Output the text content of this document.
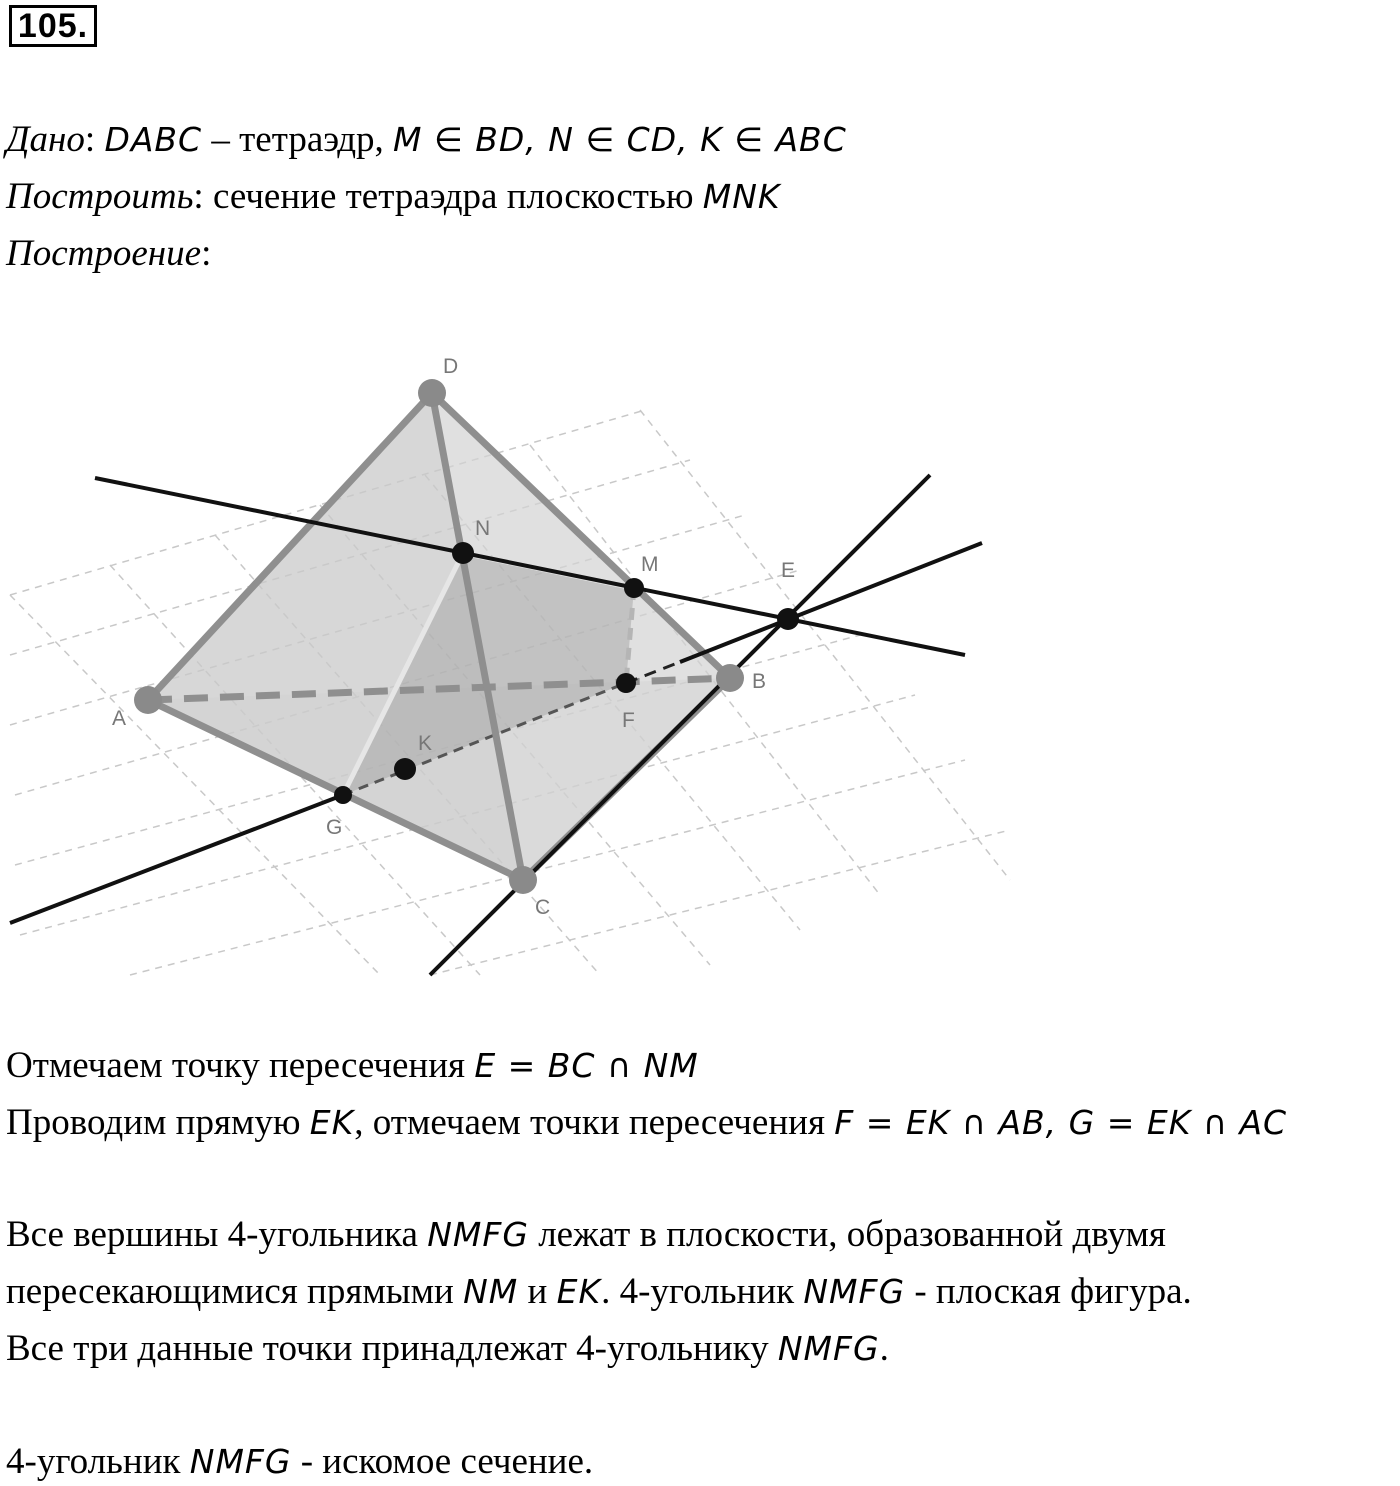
105.
Дано: DABC – тетраэдр, M ∈ BD, N ∈ CD, K ∈ ABC
Построить: сечение тетраэдра плоскостью MNK
Построение:
D
N
M	E
A
B
F
K
G
C
Отмечаем точку пересечения E = BC ∩ NM
Проводим прямую EK, отмечаем точки пересечения F = EK ∩ AB, G = EK ∩ AC
Все вершины 4-угольника NMFG лежат в плоскости, образованной двумя
пересекающимися прямыми NM и EK. 4-угольник NMFG - плоская фигура.
Все три данные точки принадлежат 4-угольнику NMFG.
4-угольник NMFG - искомое сечение.
